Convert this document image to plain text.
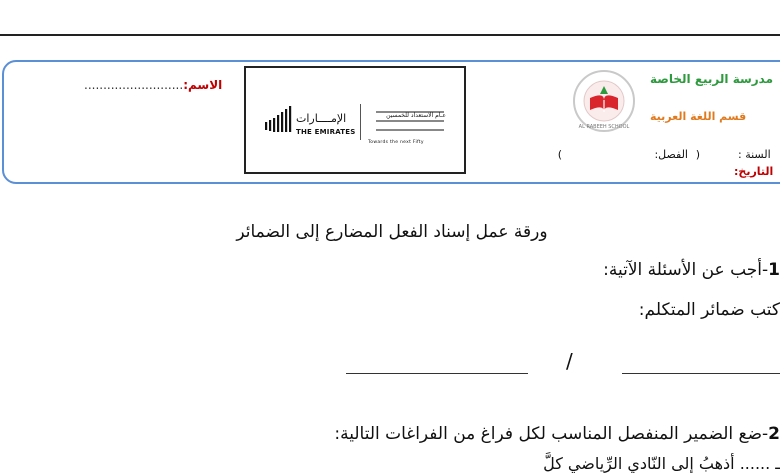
الاسم:..........................
الإمــــارات
THE EMIRATES
عـام الاستعداد للخمسين
Towards the next Fifty
AL RABEEH SCHOOL
مدرسة الربيع الخاصة
قسم اللغة العربية
السنة :
(
الفصل:
)
التاريخ:
ورقة عمل إسناد الفعل المضارع إلى الضمائر
1-أجب عن الأسئلة الآتية:
كتب ضمائر المتكلم:
/
2-ضع الضمير المنفصل المناسب لكل فراغ من الفراغات التالية:
ـ ...... أذهبُ إلى النّادي الرِّياضي كلَّ
